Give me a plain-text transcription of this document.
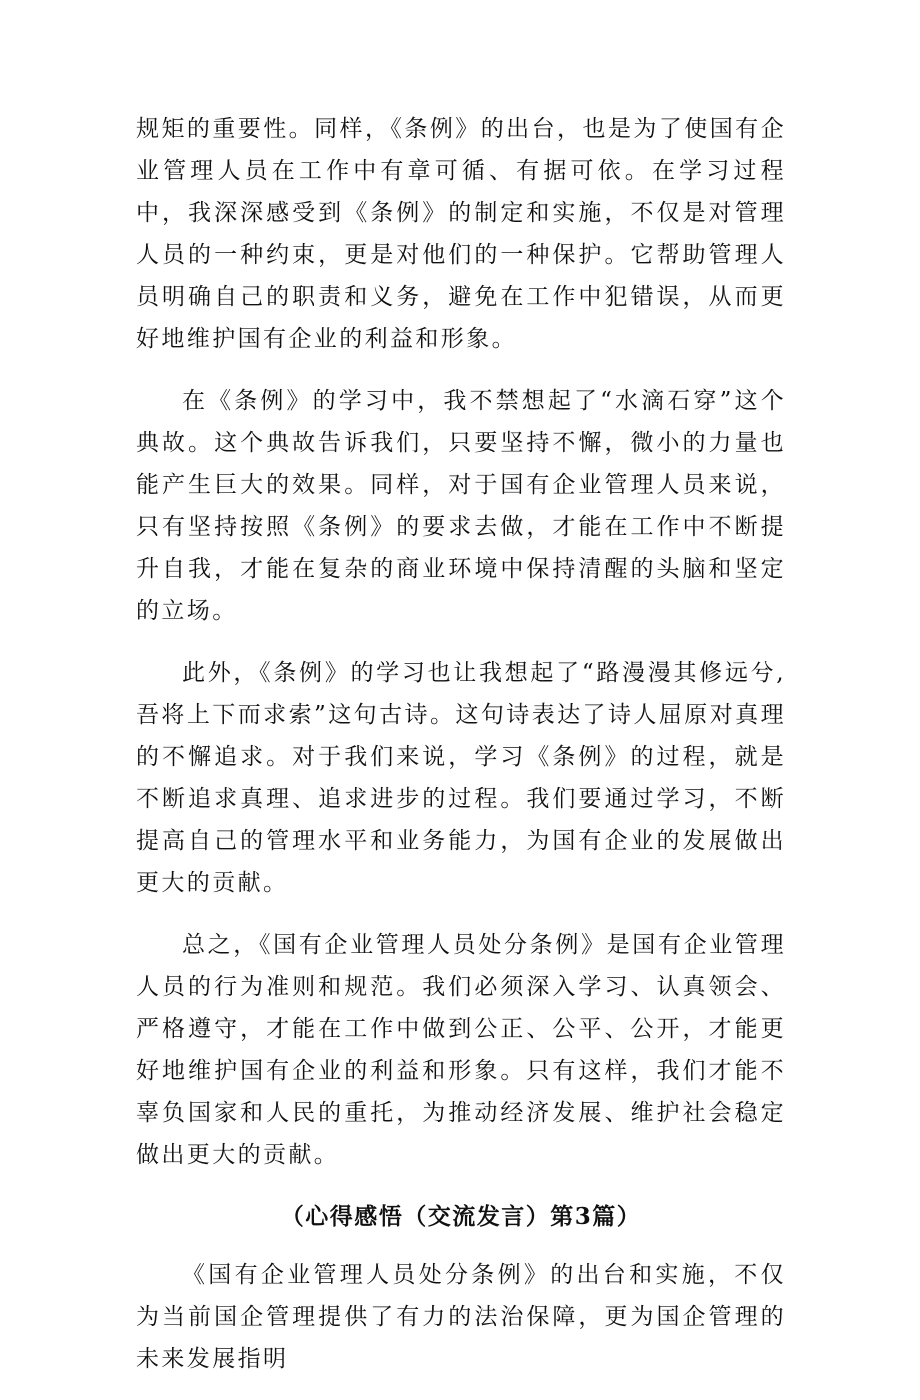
规矩的重要性。同样，《条例》的出台，也是为了使国有企业管理人员在工作中有章可循、有据可依。在学习过程中，我深深感受到《条例》的制定和实施，不仅是对管理人员的一种约束，更是对他们的一种保护。它帮助管理人员明确自己的职责和义务，避免在工作中犯错误，从而更好地维护国有企业的利益和形象。

在《条例》的学习中，我不禁想起了“水滴石穿”这个典故。这个典故告诉我们，只要坚持不懈，微小的力量也能产生巨大的效果。同样，对于国有企业管理人员来说，只有坚持按照《条例》的要求去做，才能在工作中不断提升自我，才能在复杂的商业环境中保持清醒的头脑和坚定的立场。

此外，《条例》的学习也让我想起了“路漫漫其修远兮,吾将上下而求索”这句古诗。这句诗表达了诗人屈原对真理的不懈追求。对于我们来说，学习《条例》的过程，就是不断追求真理、追求进步的过程。我们要通过学习，不断提高自己的管理水平和业务能力，为国有企业的发展做出更大的贡献。

总之，《国有企业管理人员处分条例》是国有企业管理人员的行为准则和规范。我们必须深入学习、认真领会、严格遵守，才能在工作中做到公正、公平、公开，才能更好地维护国有企业的利益和形象。只有这样，我们才能不辜负国家和人民的重托，为推动经济发展、维护社会稳定做出更大的贡献。

（心得感悟（交流发言）第3篇）

《国有企业管理人员处分条例》的出台和实施，不仅为当前国企管理提供了有力的法治保障，更为国企管理的未来发展指明
